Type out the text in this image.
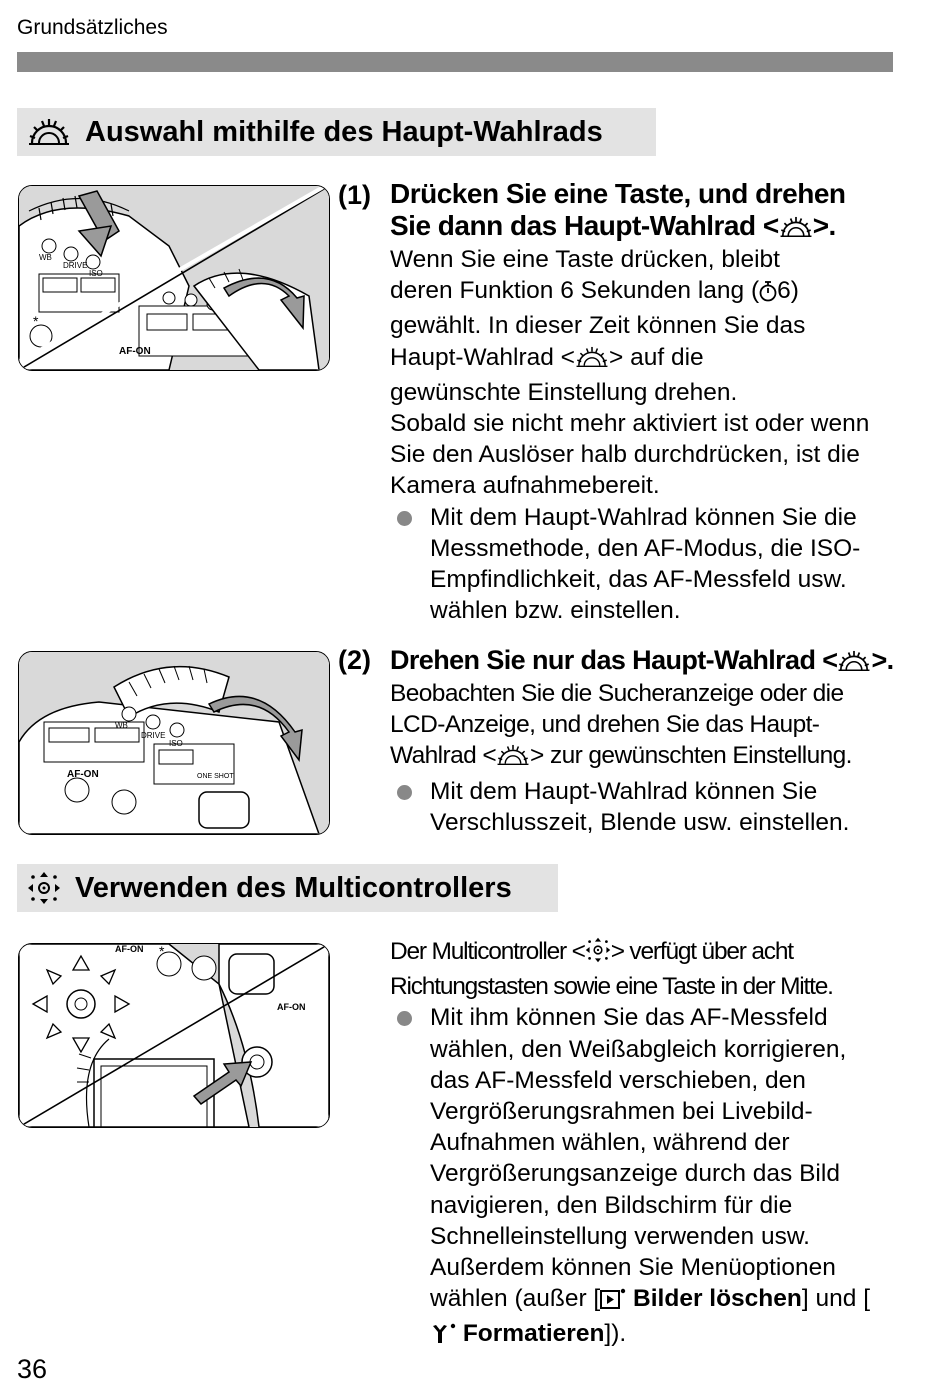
Grundsätzliches
Auswahl mithilfe des Haupt-Wahlrads
*
AF-ON
WB
DRIVE
ISO
(1) Drücken Sie eine Taste, und drehen
Sie dann das Haupt-Wahlrad < >.

Wenn Sie eine Taste drücken, bleibt

deren Funktion 6 Sekunden lang ( 6)

gewählt. In dieser Zeit können Sie das

Haupt-Wahlrad < > auf die

gewünschte Einstellung drehen.

Sobald sie nicht mehr aktiviert ist oder wenn Sie den Auslöser halb durchdrücken, ist die Kamera aufnahmebereit.

Mit dem Haupt-Wahlrad können Sie die Messmethode, den AF-Modus, die ISO-Empfindlichkeit, das AF-Messfeld usw. wählen bzw. einstellen.
AF-ON
WB
DRIVE
ISO
ONE SHOT
(2) Drehen Sie nur das Haupt-Wahlrad < >.

Beobachten Sie die Sucheranzeige oder die

LCD-Anzeige, und drehen Sie das Haupt-

Wahlrad < > zur gewünschten Einstellung.

Mit dem Haupt-Wahlrad können Sie Verschlusszeit, Blende usw. einstellen.
Verwenden des Multicontrollers
*
AF-ON
AF-ON

Der Multicontroller < > verfügt über acht

Richtungstasten sowie eine Taste in der Mitte.

Mit ihm können Sie das AF-Messfeld wählen, den Weißabgleich korrigieren, das AF-Messfeld verschieben, den Vergrößerungsrahmen bei Livebild-Aufnahmen wählen, während der Vergrößerungsanzeige durch das Bild navigieren, den Bildschirm für die Schnelleinstellung verwenden usw. Außerdem können Sie Menüoptionen wählen (außer [ Bilder löschen] und [ Formatieren]).
36
